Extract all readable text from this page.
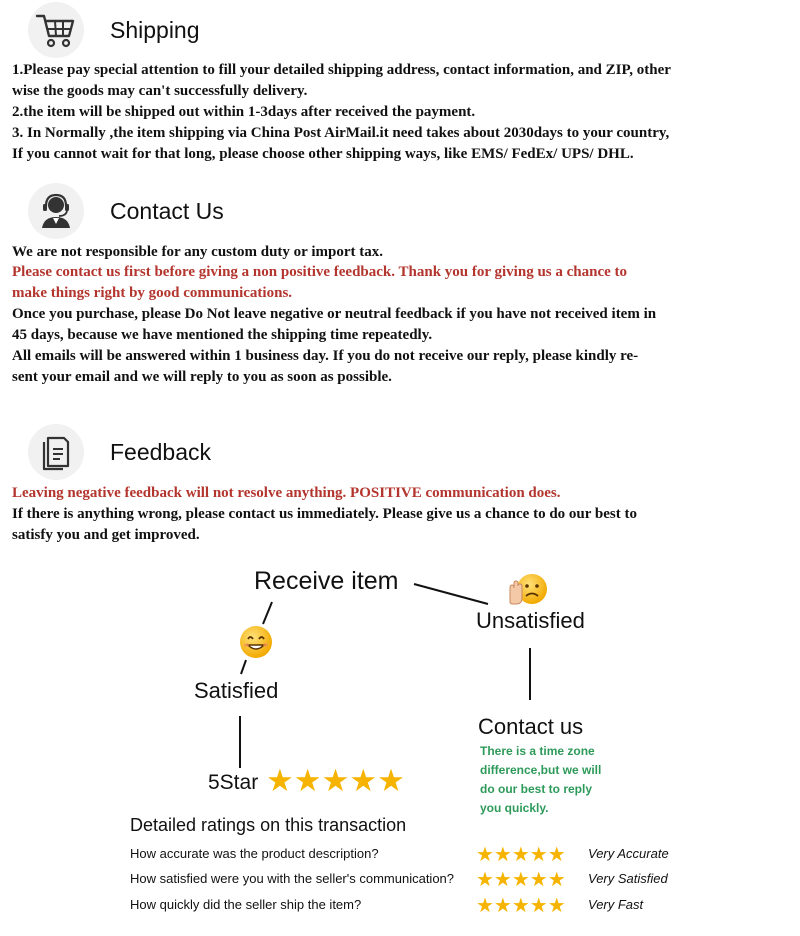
Shipping

1.Please pay special attention to fill your detailed shipping address, contact information, and ZIP, other

wise the goods may can't successfully delivery.

2.the item will be shipped out within 1-3days after received the payment.

3. In Normally ,the item shipping via China Post AirMail.it need takes about 2030days to your country,

If you cannot wait for that long, please choose other shipping ways, like EMS/ FedEx/ UPS/ DHL.

Contact Us

We are not responsible for any custom duty or import tax.

Please contact us first before giving a non positive feedback. Thank you for giving us a chance to

make things right by good communications.

Once you purchase, please Do Not leave negative or neutral feedback if you have not received item in

45 days, because we have mentioned the shipping time repeatedly.

All emails will be answered within 1 business day. If you do not receive our reply, please kindly re-

sent your email and we will reply to you as soon as possible.

Feedback

Leaving negative feedback will not resolve anything. POSITIVE communication does.

If there is anything wrong, please contact us immediately. Please give us a chance to do our best to

satisfy you and get improved.

Receive item
Unsatisfied
Satisfied
Contact us
There is a time zone
difference,but we will
do our best to reply
you quickly.
5Star ★★★★★
Detailed ratings on this transaction
How accurate was the product description?	★★★★★ Very Accurate
How satisfied were you with the seller's communication? ★★★★★ Very Satisfied
How quickly did the seller ship the item?	★★★★★ Very Fast
